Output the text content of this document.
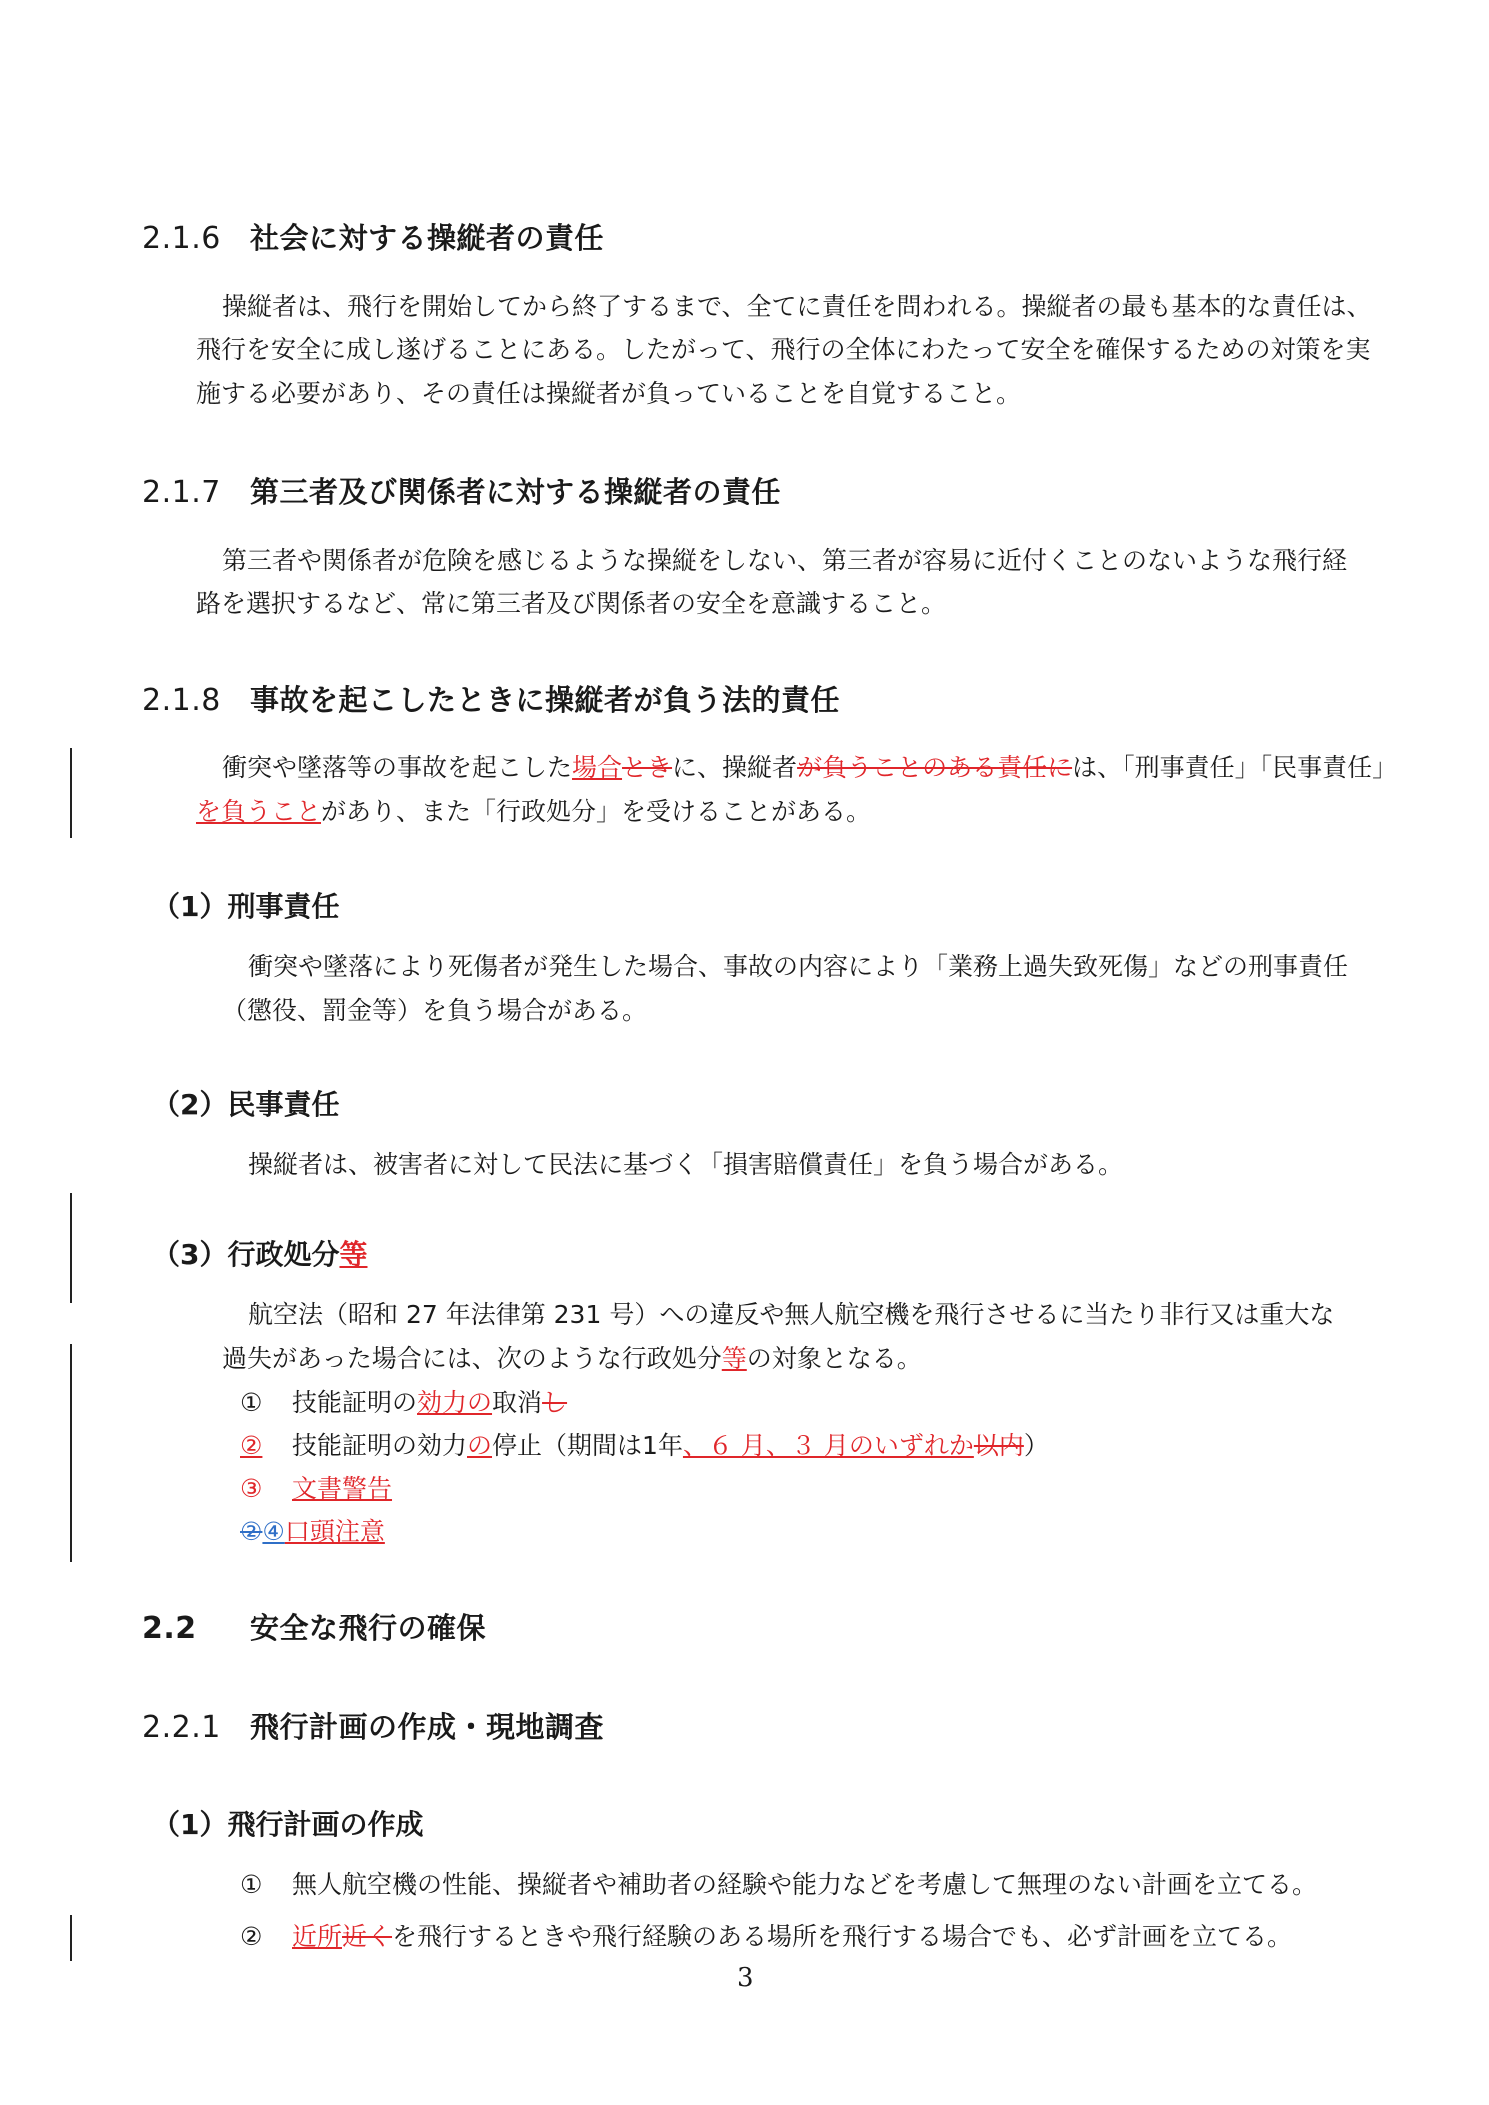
2.1.6 社会に対する操縦者の責任
操縦者は、飛行を開始してから終了するまで、全てに責任を問われる。操縦者の最も基本的な責任は、
飛行を安全に成し遂げることにある。したがって、飛行の全体にわたって安全を確保するための対策を実
施する必要があり、その責任は操縦者が負っていることを自覚すること。
2.1.7 第三者及び関係者に対する操縦者の責任
第三者や関係者が危険を感じるような操縦をしない、第三者が容易に近付くことのないような飛行経
路を選択するなど、常に第三者及び関係者の安全を意識すること。
2.1.8 事故を起こしたときに操縦者が負う法的責任
衝突や墜落等の事故を起こした場合ときに、操縦者が負うことのある責任には、「刑事責任」「民事責任」
を負うことがあり、また「行政処分」を受けることがある。
（1）刑事責任
衝突や墜落により死傷者が発生した場合、事故の内容により「業務上過失致死傷」などの刑事責任
（懲役、罰金等）を負う場合がある。
（2）民事責任
操縦者は、被害者に対して民法に基づく「損害賠償責任」を負う場合がある。
（3）行政処分等
航空法（昭和 27 年法律第 231 号）への違反や無人航空機を飛行させるに当たり非行又は重大な
過失があった場合には、次のような行政処分等の対象となる。
① 技能証明の効力の取消し
② 技能証明の効力の停止（期間は1年、６ 月、３ 月のいずれか以内）
③ 文書警告
②④口頭注意
2.2 安全な飛行の確保
2.2.1 飛行計画の作成・現地調査
（1）飛行計画の作成
① 無人航空機の性能、操縦者や補助者の経験や能力などを考慮して無理のない計画を立てる。
② 近所近くを飛行するときや飛行経験のある場所を飛行する場合でも、必ず計画を立てる。
3
